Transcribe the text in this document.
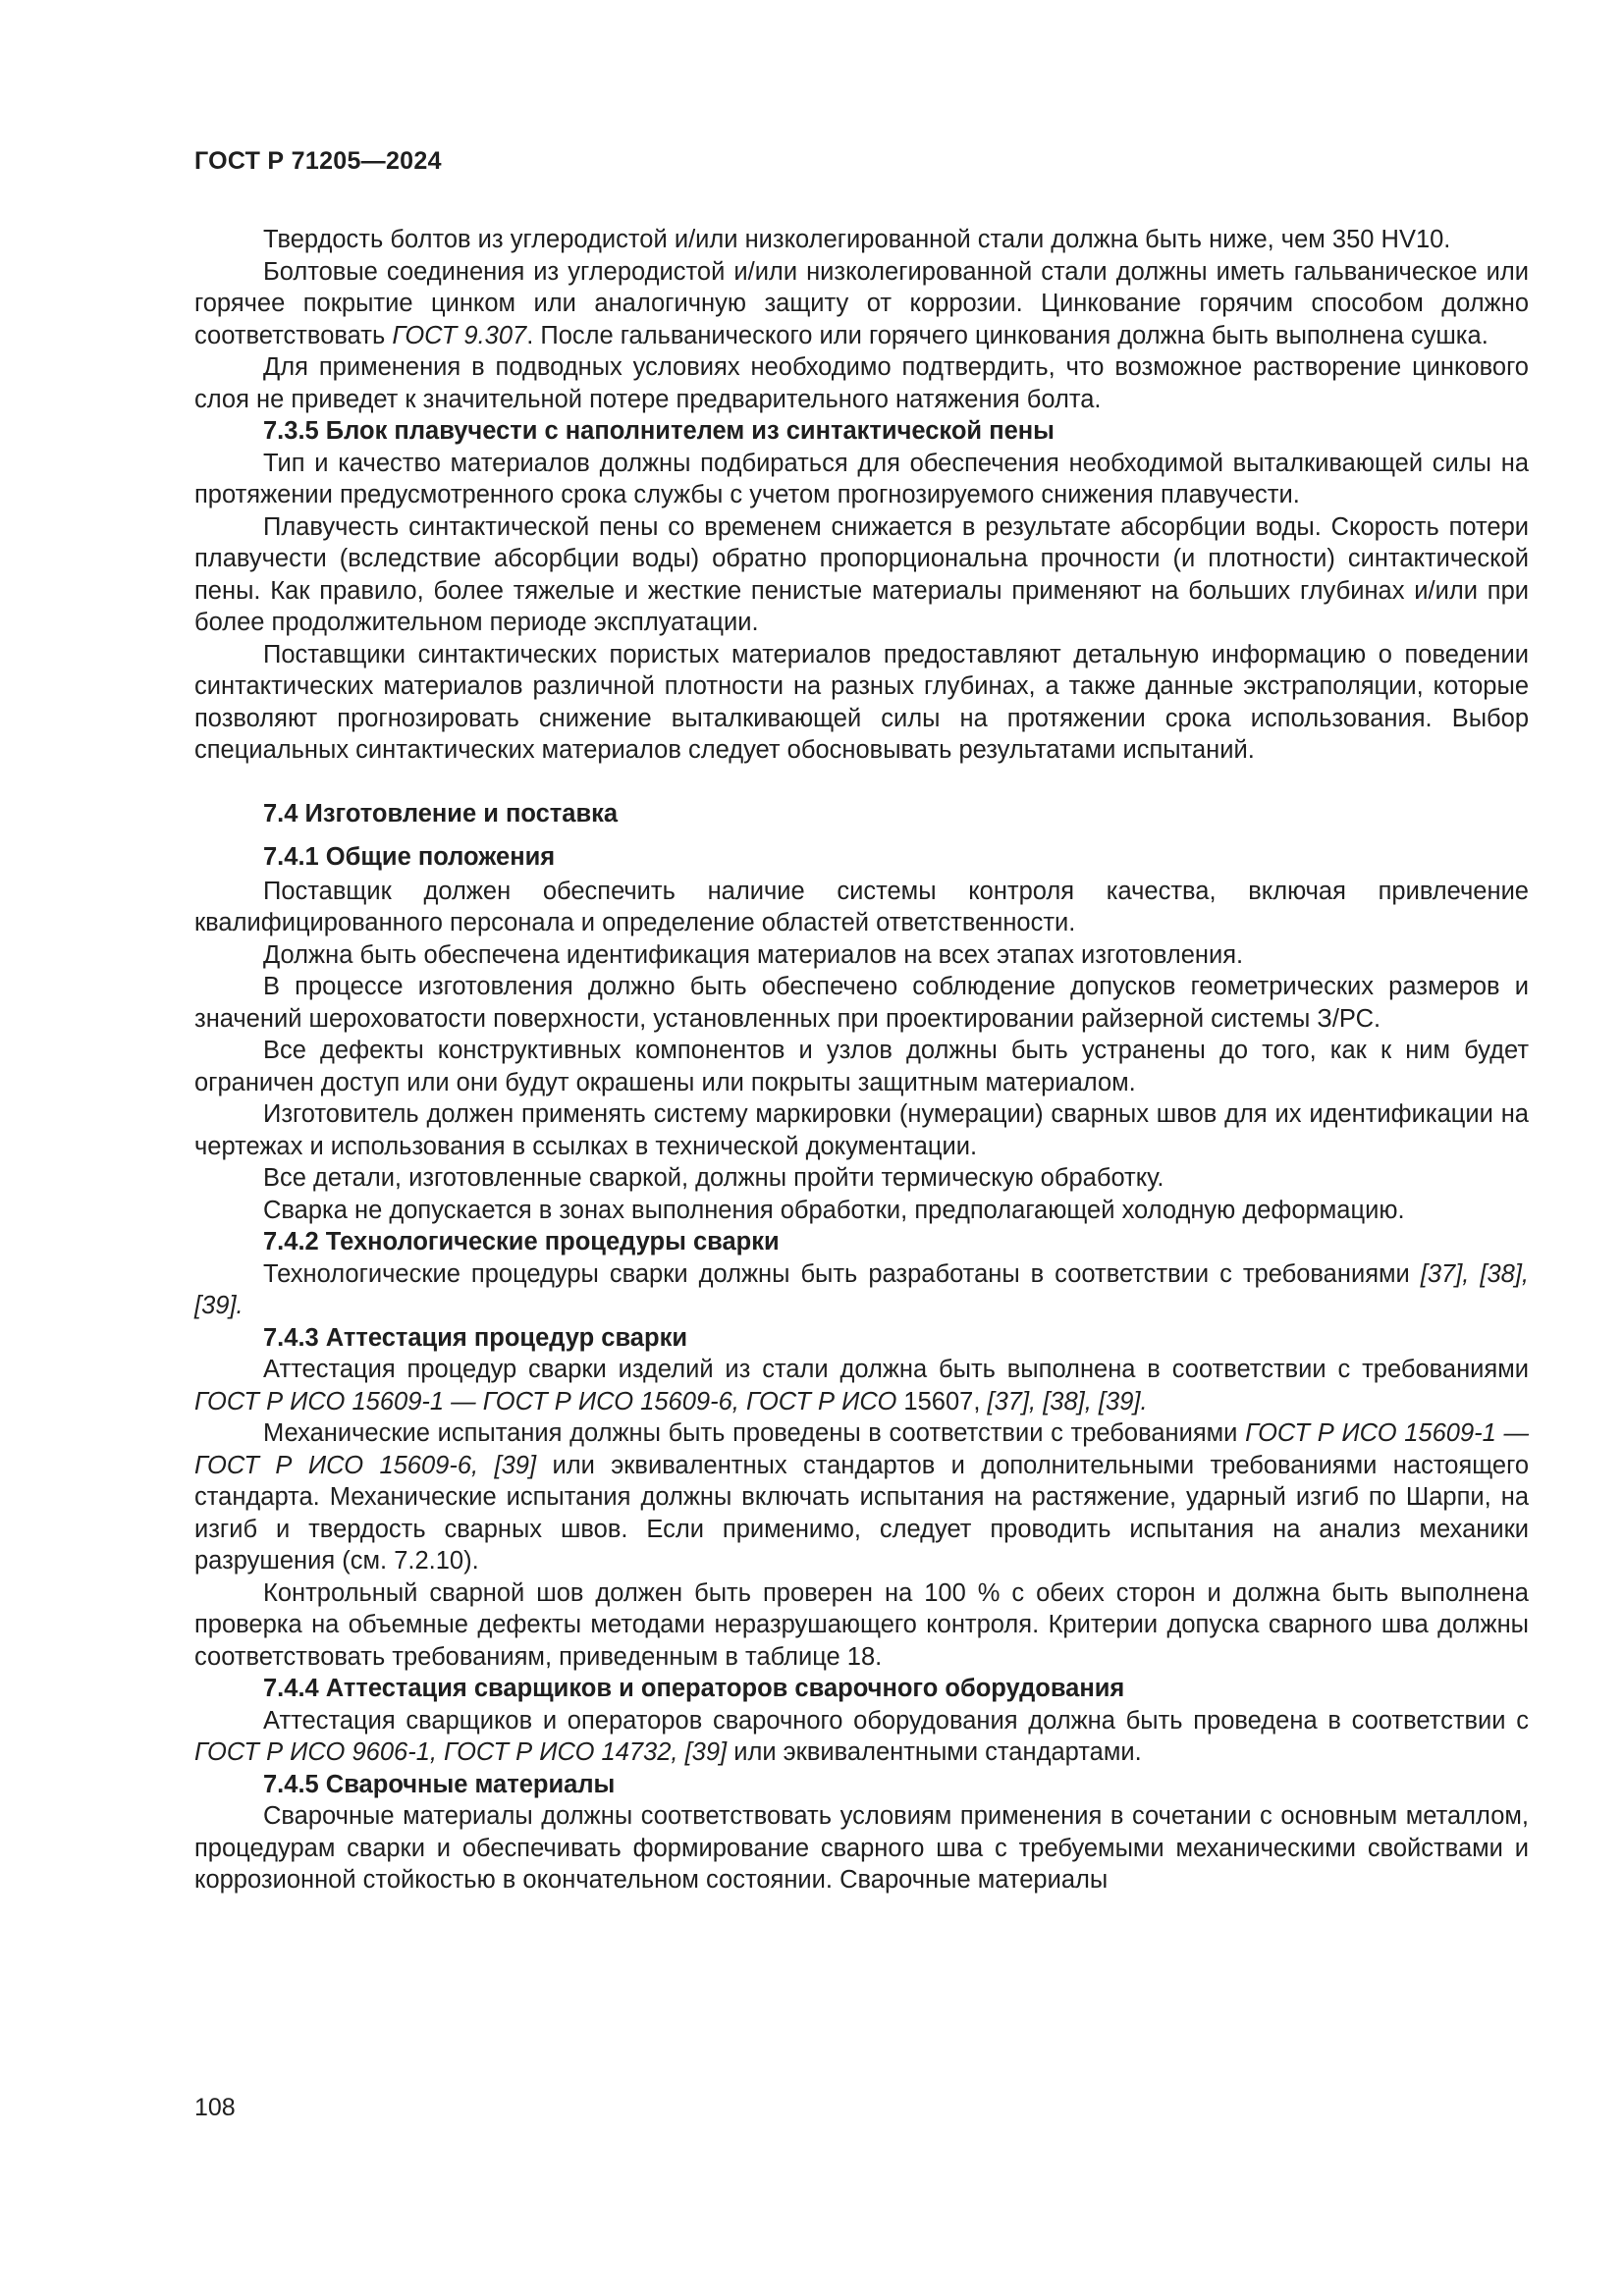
ГОСТ Р 71205—2024

Твердость болтов из углеродистой и/или низколегированной стали должна быть ниже, чем 350 HV10.

Болтовые соединения из углеродистой и/или низколегированной стали должны иметь гальваническое или горячее покрытие цинком или аналогичную защиту от коррозии. Цинкование горячим способом должно соответствовать ГОСТ 9.307. После гальванического или горячего цинкования должна быть выполнена сушка.

Для применения в подводных условиях необходимо подтвердить, что возможное растворение цинкового слоя не приведет к значительной потере предварительного натяжения болта.

7.3.5 Блок плавучести с наполнителем из синтактической пены

Тип и качество материалов должны подбираться для обеспечения необходимой выталкивающей силы на протяжении предусмотренного срока службы с учетом прогнозируемого снижения плавучести.

Плавучесть синтактической пены со временем снижается в результате абсорбции воды. Скорость потери плавучести (вследствие абсорбции воды) обратно пропорциональна прочности (и плотности) синтактической пены. Как правило, более тяжелые и жесткие пенистые материалы применяют на больших глубинах и/или при более продолжительном периоде эксплуатации.

Поставщики синтактических пористых материалов предоставляют детальную информацию о поведении синтактических материалов различной плотности на разных глубинах, а также данные экстраполяции, которые позволяют прогнозировать снижение выталкивающей силы на протяжении срока использования. Выбор специальных синтактических материалов следует обосновывать результатами испытаний.

7.4 Изготовление и поставка
7.4.1 Общие положения

Поставщик должен обеспечить наличие системы контроля качества, включая привлечение квалифицированного персонала и определение областей ответственности.

Должна быть обеспечена идентификация материалов на всех этапах изготовления.

В процессе изготовления должно быть обеспечено соблюдение допусков геометрических размеров и значений шероховатости поверхности, установленных при проектировании райзерной системы З/РС.

Все дефекты конструктивных компонентов и узлов должны быть устранены до того, как к ним будет ограничен доступ или они будут окрашены или покрыты защитным материалом.

Изготовитель должен применять систему маркировки (нумерации) сварных швов для их идентификации на чертежах и использования в ссылках в технической документации.

Все детали, изготовленные сваркой, должны пройти термическую обработку.

Сварка не допускается в зонах выполнения обработки, предполагающей холодную деформацию.

7.4.2 Технологические процедуры сварки

Технологические процедуры сварки должны быть разработаны в соответствии с требованиями [37], [38], [39].

7.4.3 Аттестация процедур сварки

Аттестация процедур сварки изделий из стали должна быть выполнена в соответствии с требованиями ГОСТ Р ИСО 15609-1 — ГОСТ Р ИСО 15609-6, ГОСТ Р ИСО 15607, [37], [38], [39].

Механические испытания должны быть проведены в соответствии с требованиями ГОСТ Р ИСО 15609-1 — ГОСТ Р ИСО 15609-6, [39] или эквивалентных стандартов и дополнительными требованиями настоящего стандарта. Механические испытания должны включать испытания на растяжение, ударный изгиб по Шарпи, на изгиб и твердость сварных швов. Если применимо, следует проводить испытания на анализ механики разрушения (см. 7.2.10).

Контрольный сварной шов должен быть проверен на 100 % с обеих сторон и должна быть выполнена проверка на объемные дефекты методами неразрушающего контроля. Критерии допуска сварного шва должны соответствовать требованиям, приведенным в таблице 18.

7.4.4 Аттестация сварщиков и операторов сварочного оборудования

Аттестация сварщиков и операторов сварочного оборудования должна быть проведена в соответствии с ГОСТ Р ИСО 9606-1, ГОСТ Р ИСО 14732, [39] или эквивалентными стандартами.

7.4.5 Сварочные материалы

Сварочные материалы должны соответствовать условиям применения в сочетании с основным металлом, процедурам сварки и обеспечивать формирование сварного шва с требуемыми механическими свойствами и коррозионной стойкостью в окончательном состоянии. Сварочные материалы

108
